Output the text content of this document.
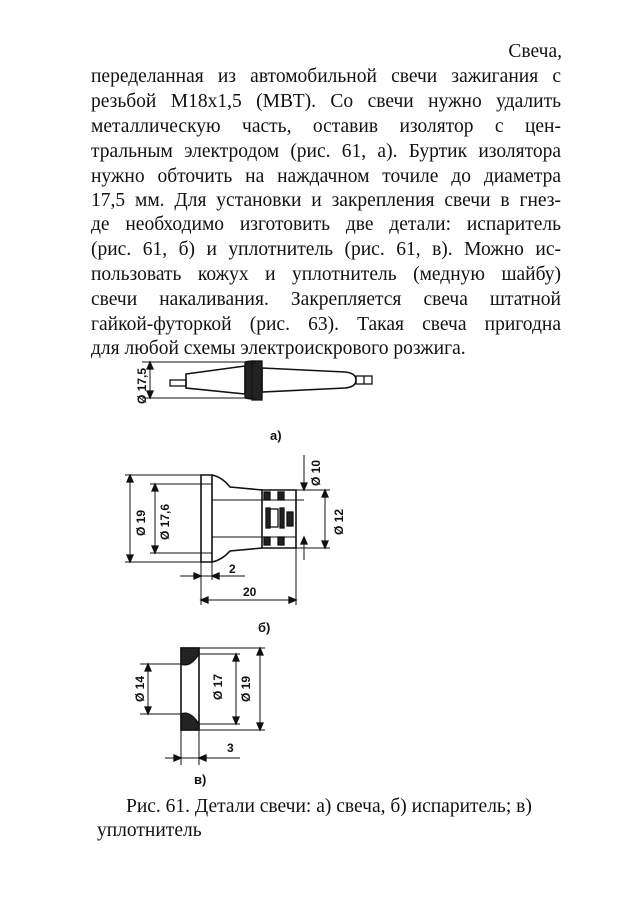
Свеча,
переделанная из автомобильной свечи зажигания с
резьбой М18х1,5 (МВТ). Со свечи нужно удалить
металлическую часть, оставив изолятор с цен-
тральным электродом (рис. 61, а). Буртик изолятора
нужно обточить на наждачном точиле до диаметра
17,5 мм. Для установки и закрепления свечи в гнез-
де необходимо изготовить две детали: испаритель
(рис. 61, б) и уплотнитель (рис. 61, в). Можно ис-
пользовать кожух и уплотнитель (медную шайбу)
свечи накаливания. Закрепляется свеча штатной
гайкой-футоркой (рис. 63). Такая свеча пригодна
для любой схемы электроискрового розжига.
Ø 17,5
а)
Ø 19 Ø 17,6
Ø 10
Ø 12
2
20
б)
Ø 14	Ø 17 Ø 19
3
в)
Рис. 61. Детали свечи: а) свеча, б) испаритель; в)
уплотнитель
